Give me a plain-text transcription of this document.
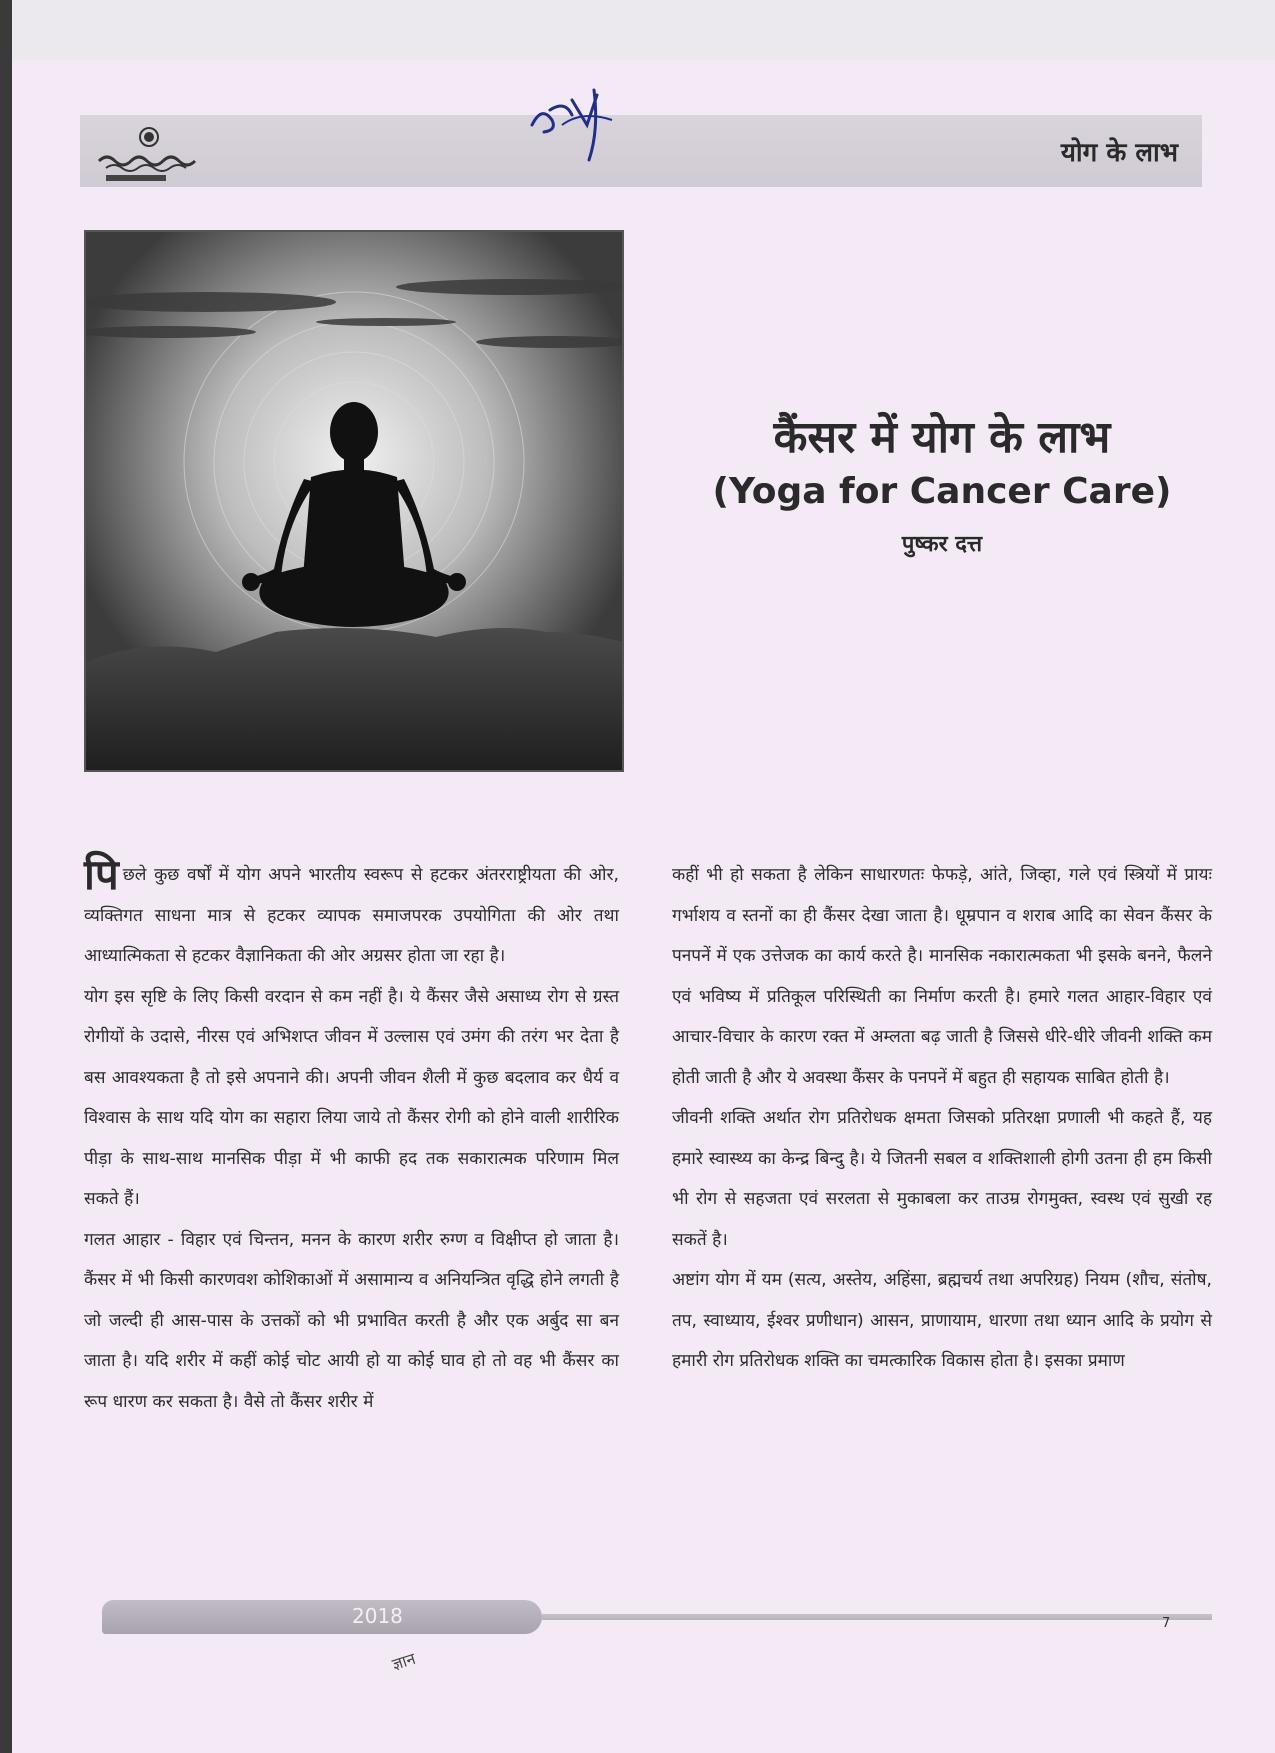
योग के लाभ
कैंसर में योग के लाभ
(Yoga for Cancer Care)
पुष्कर दत्त

पिछले कुछ वर्षों में योग अपने भारतीय स्वरूप से हटकर अंतरराष्ट्रीयता की ओर, व्यक्तिगत साधना मात्र से हटकर व्यापक समाजपरक उपयोगिता की ओर तथा आध्यात्मिकता से हटकर वैज्ञानिकता की ओर अग्रसर होता जा रहा है।

योग इस सृष्टि के लिए किसी वरदान से कम नहीं है। ये कैंसर जैसे असाध्य रोग से ग्रस्त रोगीयों के उदासे, नीरस एवं अभिशप्त जीवन में उल्लास एवं उमंग की तरंग भर देता है बस आवश्यकता है तो इसे अपनाने की। अपनी जीवन शैली में कुछ बदलाव कर धैर्य व विश्वास के साथ यदि योग का सहारा लिया जाये तो कैंसर रोगी को होने वाली शारीरिक पीड़ा के साथ-साथ मानसिक पीड़ा में भी काफी हद तक सकारात्मक परिणाम मिल सकते हैं।

गलत आहार - विहार एवं चिन्तन, मनन के कारण शरीर रुग्ण व विक्षीप्त हो जाता है। कैंसर में भी किसी कारणवश कोशिकाओं में असामान्य व अनियन्त्रित वृद्धि होने लगती है जो जल्दी ही आस-पास के उत्तकों को भी प्रभावित करती है और एक अर्बुद सा बन जाता है। यदि शरीर में कहीं कोई चोट आयी हो या कोई घाव हो तो वह भी कैंसर का रूप धारण कर सकता है। वैसे तो कैंसर शरीर में

कहीं भी हो सकता है लेकिन साधारणतः फेफड़े, आंते, जिव्हा, गले एवं स्त्रियों में प्रायः गर्भाशय व स्तनों का ही कैंसर देखा जाता है। धूम्रपान व शराब आदि का सेवन कैंसर के पनपनें में एक उत्तेजक का कार्य करते है। मानसिक नकारात्मकता भी इसके बनने, फैलने एवं भविष्य में प्रतिकूल परिस्थिती का निर्माण करती है। हमारे गलत आहार-विहार एवं आचार-विचार के कारण रक्त में अम्लता बढ़ जाती है जिससे धीरे-धीरे जीवनी शक्ति कम होती जाती है और ये अवस्था कैंसर के पनपनें में बहुत ही सहायक साबित होती है।

जीवनी शक्ति अर्थात रोग प्रतिरोधक क्षमता जिसको प्रतिरक्षा प्रणाली भी कहते हैं, यह हमारे स्वास्थ्य का केन्द्र बिन्दु है। ये जितनी सबल व शक्तिशाली होगी उतना ही हम किसी भी रोग से सहजता एवं सरलता से मुकाबला कर ताउम्र रोगमुक्त, स्वस्थ एवं सुखी रह सकतें है।

अष्टांग योग में यम (सत्य, अस्तेय, अहिंसा, ब्रह्मचर्य तथा अपरिग्रह) नियम (शौच, संतोष, तप, स्वाध्याय, ईश्वर प्रणीधान) आसन, प्राणायाम, धारणा तथा ध्यान आदि के प्रयोग से हमारी रोग प्रतिरोधक शक्ति का चमत्कारिक विकास होता है। इसका प्रमाण

2018	7
ज्ञान
